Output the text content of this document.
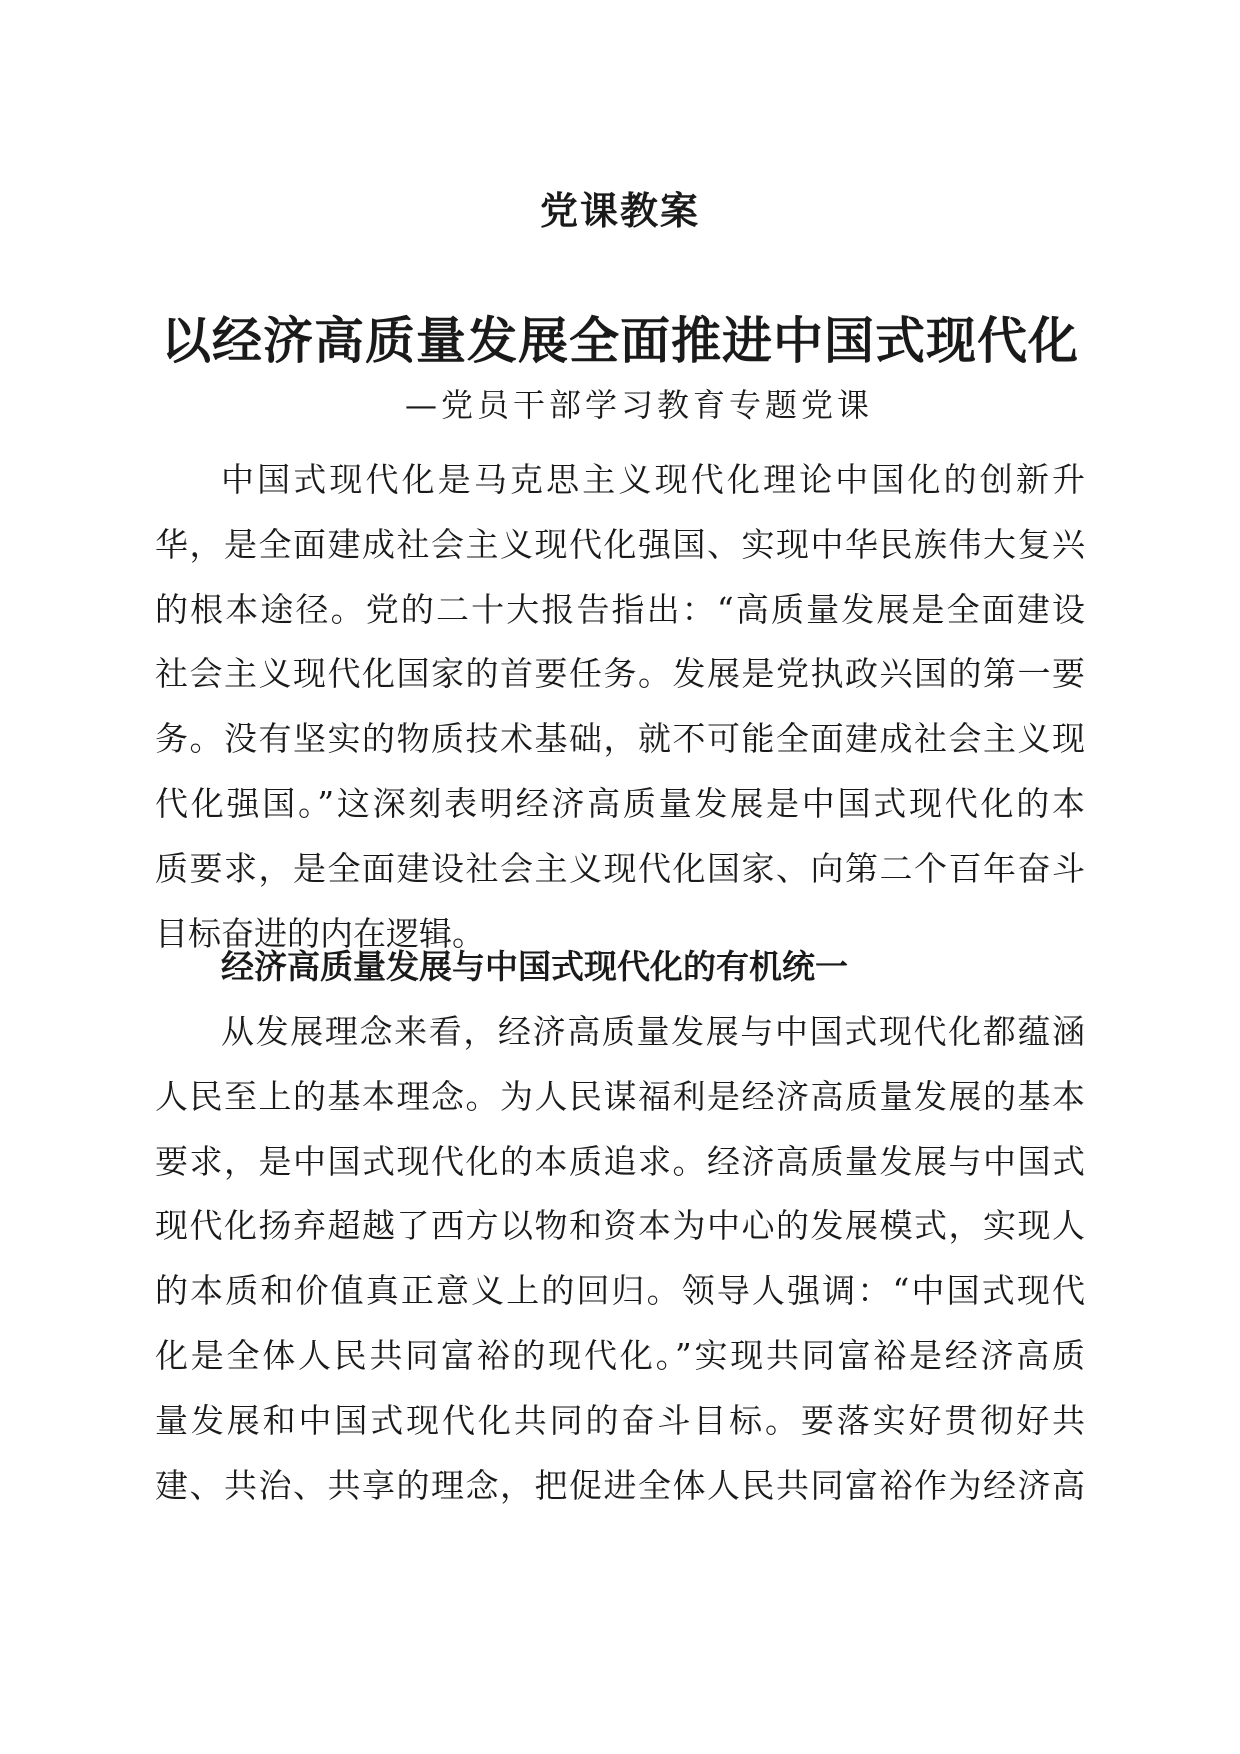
党课教案
以经济高质量发展全面推进中国式现代化
—党员干部学习教育专题党课
中国式现代化是马克思主义现代化理论中国化的创新升
华，是全面建成社会主义现代化强国、实现中华民族伟大复兴
的根本途径。党的二十大报告指出：“高质量发展是全面建设
社会主义现代化国家的首要任务。发展是党执政兴国的第一要
务。没有坚实的物质技术基础，就不可能全面建成社会主义现
代化强国。”这深刻表明经济高质量发展是中国式现代化的本
质要求，是全面建设社会主义现代化国家、向第二个百年奋斗
目标奋进的内在逻辑。
经济高质量发展与中国式现代化的有机统一
从发展理念来看，经济高质量发展与中国式现代化都蕴涵
人民至上的基本理念。为人民谋福利是经济高质量发展的基本
要求，是中国式现代化的本质追求。经济高质量发展与中国式
现代化扬弃超越了西方以物和资本为中心的发展模式，实现人
的本质和价值真正意义上的回归。领导人强调：“中国式现代
化是全体人民共同富裕的现代化。”实现共同富裕是经济高质
量发展和中国式现代化共同的奋斗目标。要落实好贯彻好共
建、共治、共享的理念，把促进全体人民共同富裕作为经济高
